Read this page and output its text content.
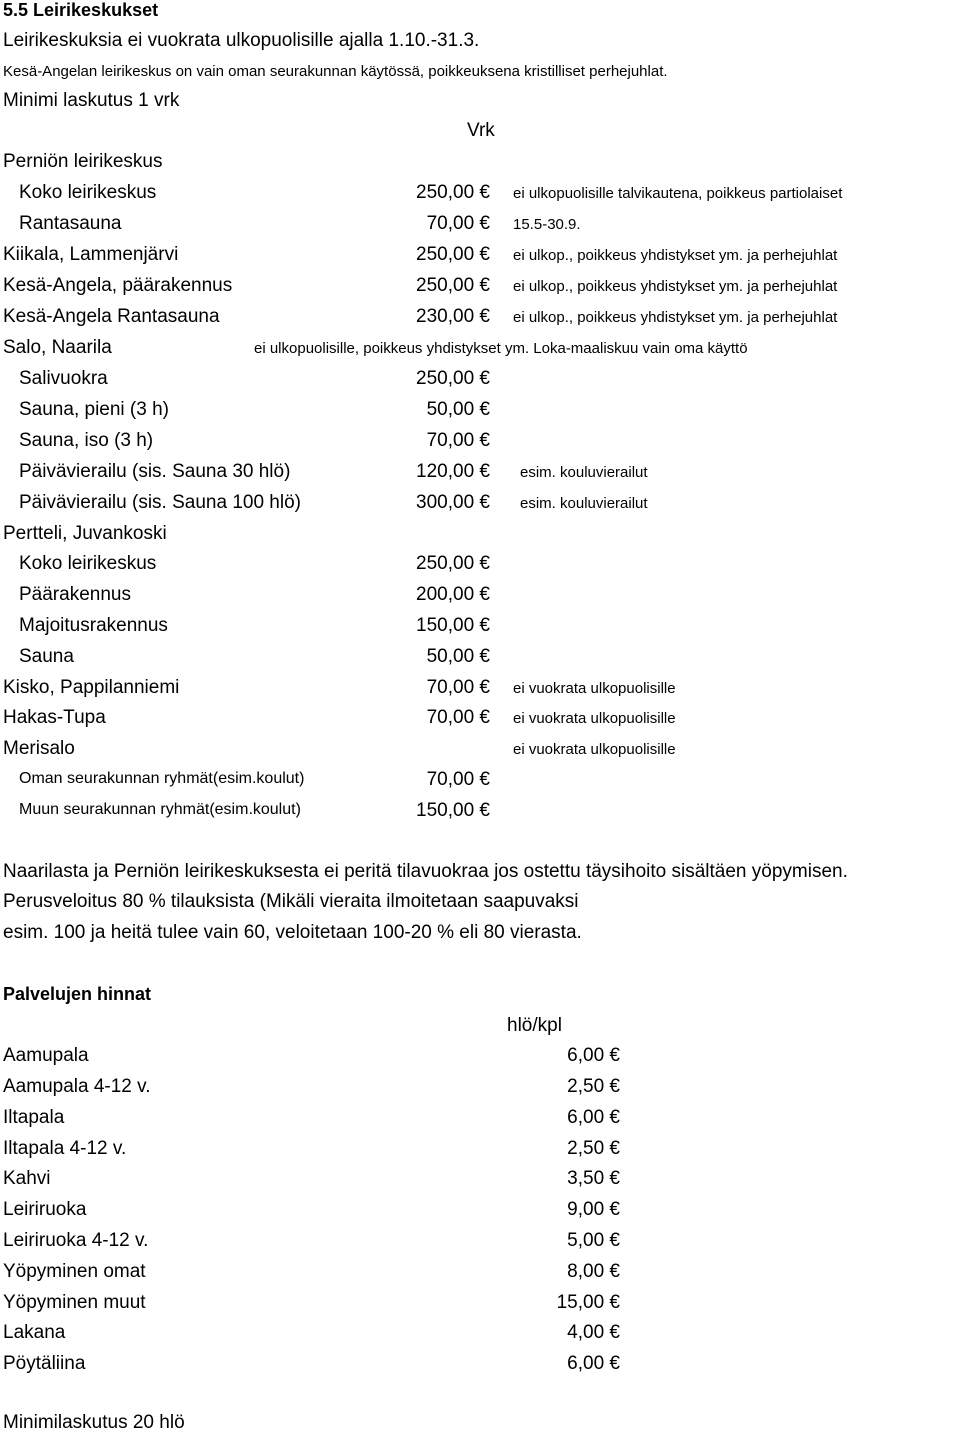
5.5 Leirikeskukset
Leirikeskuksia ei vuokrata ulkopuolisille ajalla 1.10.-31.3.
Kesä-Angelan leirikeskus on vain oman seurakunnan käytössä, poikkeuksena kristilliset perhejuhlat.
Minimi laskutus 1 vrk
Vrk
Perniön leirikeskus
Koko leirikeskus	250,00 € ei ulkopuolisille talvikautena, poikkeus partiolaiset
Rantasauna	70,00 € 15.5-30.9.
Kiikala, Lammenjärvi	250,00 € ei ulkop., poikkeus yhdistykset ym. ja perhejuhlat
Kesä-Angela, päärakennus	250,00 € ei ulkop., poikkeus yhdistykset ym. ja perhejuhlat
Kesä-Angela Rantasauna	230,00 € ei ulkop., poikkeus yhdistykset ym. ja perhejuhlat
Salo, Naarila	ei ulkopuolisille, poikkeus yhdistykset ym. Loka-maaliskuu vain oma käyttö
Salivuokra	250,00 €
Sauna, pieni (3 h)	50,00 €
Sauna, iso (3 h)	70,00 €
Päivävierailu (sis. Sauna 30 hlö)	120,00 € esim. kouluvierailut
Päivävierailu (sis. Sauna 100 hlö)	300,00 € esim. kouluvierailut
Pertteli, Juvankoski
Koko leirikeskus	250,00 €
Päärakennus	200,00 €
Majoitusrakennus	150,00 €
Sauna	50,00 €
Kisko, Pappilanniemi	70,00 € ei vuokrata ulkopuolisille
Hakas-Tupa	70,00 € ei vuokrata ulkopuolisille
Merisalo	ei vuokrata ulkopuolisille
Oman seurakunnan ryhmät(esim.koulut)	70,00 €
Muun seurakunnan ryhmät(esim.koulut)	150,00 €
Naarilasta ja Perniön leirikeskuksesta ei peritä tilavuokraa jos ostettu täysihoito sisältäen yöpymisen.
Perusveloitus 80 % tilauksista (Mikäli vieraita ilmoitetaan saapuvaksi
esim. 100 ja heitä tulee vain 60, veloitetaan 100-20 % eli 80 vierasta.
Palvelujen hinnat
hlö/kpl
Aamupala	6,00 €
Aamupala 4-12 v.	2,50 €
Iltapala	6,00 €
Iltapala 4-12 v.	2,50 €
Kahvi	3,50 €
Leiriruoka	9,00 €
Leiriruoka 4-12 v.	5,00 €
Yöpyminen omat	8,00 €
Yöpyminen muut	15,00 €
Lakana	4,00 €
Pöytäliina	6,00 €
Minimilaskutus 20 hlö
